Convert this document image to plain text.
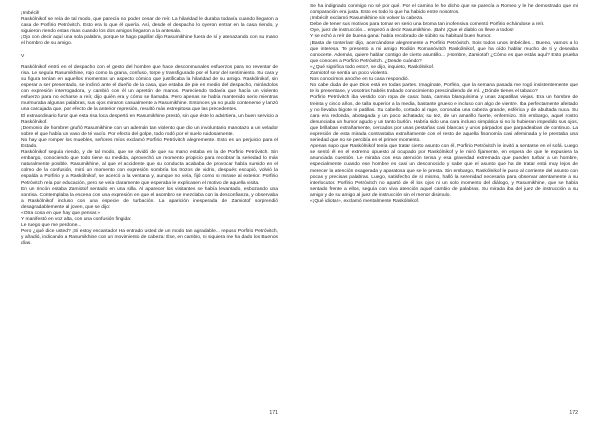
¡Imbécil!

Raskólnikof se reía de tal modo, que parecía no poder cesar de reír. La hilaridad le duraba todavía cuando llegaron a casa de Porfirio Petróvitch. Esto era lo que él quería. Así, desde el despacho lo oyeron entrar en la casa riendo, y siguieron riendo estas risas cuando los dos amigos llegaron a la antesala.

¡Ojo con decir aquí una sola palabra, porque te hago papilla! dijo Rasumikhine fuera de sí y atenazando con su mano el hombro de su amigo.

V

Raskólnikof entró en el despacho con el gesto del hombre que hace desconmunales esfuerzos para no reventar de risa. Le seguía Rasumikhine, rojo como la grana, confuso, torpe y transfigurado por el furor del sentimiento. Su cara y su figura tenían en aquellos momentos un aspecto cómico que justificaba la hilaridad de su amigo. Raskólnikof, sin esperar a ser presentado, se inclinó ante el dueño de la casa, que estaba de pie en medio del despacho, mirándolos con expresión interrogadora, y cambió con él un apretón de manos. Pareciendo todavía que hacía un violento esfuerzo para no echarse a reír, dijo quién era y cómo se llamaba. Pero apenas se había mantenido serio mientras murmuraba algunas palabras, sus ojos miraron casualmente a Rasumikhine. Entonces ya no pudo contenerse y lanzó una carcajada que, por efecto de la anterior represión, resultó más estrepitosa que las precedentes.

El extraordinario furor que esta risa loca despertó en Rasumikhine prestó, sin que éste lo advirtiera, un buen servicio a Raskólnikof.

¡Demonio de hombre! gruñó Rasumikhine con un ademán tan violento que dio un involuntario manotazo a un velador sobre el que había un vaso de té vacío. Por efecto del golpe, todo rodó por el suelo ruidosamente.

No hay que romper los muebles, señores míos exclamó Porfirio Petróvitch alegremente. Esto es un perjuicio para el Estado.

Raskólnikof seguía riendo, y de tal modo, que se olvidó de que su mano estaba en la de Porfirio Petróvitch. Sin embargo, conociendo que todo tiene su medida, aprovechó un momento propicio para recobrar la seriedad lo más naturalmente posible. Rasumikhine, al que el accidente que su conducta acababa de provocar había sumido en el colmo de la confusión, miró un momento con expresión sombría los trozos de vidrio, después escupió, volvió la espalda a Porfirio y a Raskólnikof, se acercó a la ventana y, aunque no veía, fijó como si mirase al exterior. Porfirio Petróvitch reía por educación, pero se veía claramente que esperaba le explicasen el motivo de aquella visita.

En un rincón estaba Zamiotof sentado en una silla. Al aparecer los visitantes se había levantado, esbozando una sonrisa. Contemplaba la escena con una expresión en que el asombro se mezclaba con la desconfianza, y observaba a Raskólnikof incluso con una especie de turbación. La aparición inesperada de Zamiotof sorprendió desagradablemente al joven, que se dijo:

«Otra cosa en que hay que pensar.»

Y manifestó en voz alta, con una confusión fingida:

Le ruego que me perdone...

Pero ¿qué dice usted? ¡Si estoy encantado! Ha entrado usted de un modo tan agradable... repuso Porfirio Petróvitch, y añadió, indicando a Rasumikhine con un movimiento de cabeza: Ése, en cambio, ni siquiera me ha dado los Buenos días.

171

Se ha indignado conmigo no sé por qué. Por el camino le he dicho que se parecía a Romeo y le he demostrado que mi comparación era justa. Esto es todo lo que ha habido entre nosotros.

¡Imbécil! exclamó Rasumikhine sin volver la cabeza.

Debe de tener sus motivos para tomar en serio una broma tan inofensiva comentó Porfirio echándose a reír.

Oye, juez de instrucción... empezó a decir Rasumikhine. ¡Bah! ¡Que el diablo os lleve a todos!

Y se echó a reír de buena gana: había recobrado de súbito su habitual buen humor.

¡Basta de tonterías! dijo, acercándose alegremente a Porfirio Petróvitch. Sois todos unos imbéciles... Bueno, vamos a lo que interesa. Te presento a mi amigo Rodión Romanóvitch Raskólnikof, que ha oído hablar mucho de ti y deseaba conocerte. Además, quiere hablar contigo de cierto asuntillo... ¡Hombre, Zamiotof! ¿Cómo es que estás aquí? Esto prueba que conoces a Porfirio Petróvitch. ¿Desde cuándo?

«¿Qué significa todo esto?, se dijo, inquieto, Raskólnikof.

Zamiotof se sentía un poco violento.

Nos conocimos anoche en tu casa respondió.

No cabe duda de que Dios está en todas partes. Imagínate, Porfirio, que la semana pasada me rogó insistentemente que te lo presentase, y vosotros habéis trabado conocimiento prescindiendo de mí. ¿Dónde tienes el tabaco?

Porfirio Petróvitch iba vestido con ropa de casa: bata, camisa blanquísima y unas zapatillas viejas. Era un hombre de treinta y cinco años, de talla superior a la media, bastante grueso e incluso con algo de vientre. Iba perfectamente afeitado y no llevaba bigote ni patillas. Su cabello, cortado al rape, coronaba una cabeza grande, esférica y de abultada nuca. Su cara era redonda, abotagada y un poco achatada; su tez, de un amarillo fuerte, enfermizo. Sin embargo, aquel rostro denunciaba un humor agudo y un tanto burlón. Habría sido una cara incluso simpática si no lo hubieran impedido sus ojos, que brillaban extrañamente, cercados por unas pestañas casi blancas y unos párpados que parpadeaban de continuo. La expresión de esta mirada contrastaba extrañamente con el resto de aquella fisonomía casi afeminada y le prestaba una seriedad que no se percibía en el primer momento.

Apenas supo que Raskólnikof tenía que tratar cierto asunto con él, Porfirio Petróvitch le invitó a sentarse en el sofá. Luego se sentó él en el extremo opuesto al ocupado por Raskólnikof y le miró fijamente, en espera de que le expusiera la anunciada cuestión. Le miraba con esa atención tensa y esa gravedad extremada que pueden turbar a un hombre, especialmente cuando ese hombre es casi un desconocido y sabe que el asunto que ha de tratar está muy lejos de merecer la atención exagerada y aparatosa que se le presta. Sin embargo, Raskólnikof le puso al corriente del asunto con pocas y precisas palabras. Luego, satisfecho de sí mismo, halló la serenidad necesaria para observar atentamente a su interlocutor. Porfirio Petróvitch no apartó de él los ojos ni un solo momento del diálogo, y Rasumikhine, que se había sentado frente a ellos, seguía con viva atención aquel cambio de palabras. Su mirada iba del juez de instrucción a su amigo y de su amigo al juez de instrucción sin el menor disimulo.

«¡Qué idiota!», exclamó mentalmente Raskólnikof.

172
